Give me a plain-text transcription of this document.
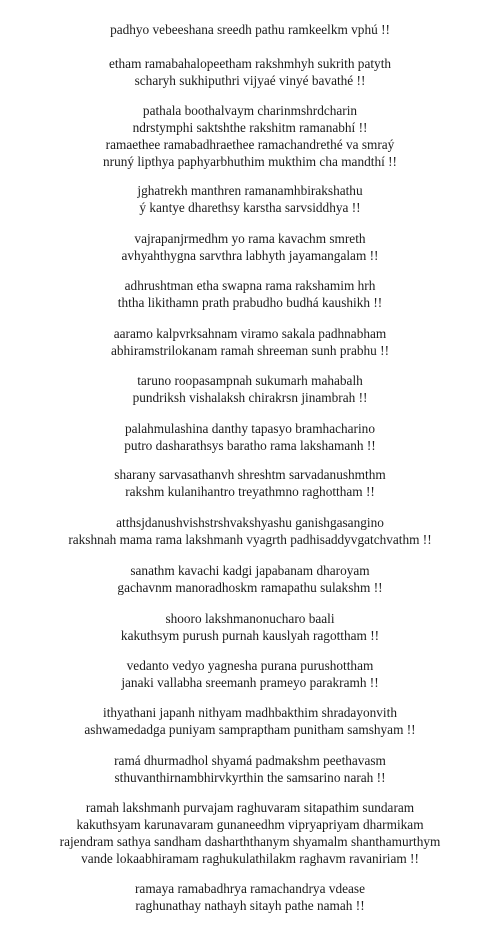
padhyo vebeeshana sreedh pathu ramkeelkm vphú !!
etham ramabahalopeetham rakshmhyh sukrith patyth
scharyh sukhiputhri vijyaé vinyé bavathé !!
pathala boothalvaym charinmshrdcharin
ndrstymphi saktshthe rakshitm ramanabhí !!
ramaethee ramabadhraethee ramachandrethé va smraý
nruný lipthya paphyarbhuthim mukthim cha mandthí !!
jghatrekh manthren ramanamhbirakshathu
ý kantye dharethsy karstha sarvsiddhya !!
vajrapanjrmedhm yo rama kavachm smreth
avhyahthygna sarvthra labhyth jayamangalam !!
adhrushtman etha swapna rama rakshamim hrh
ththa likithamn prath prabudho budhá kaushikh !!
aaramo kalpvrksahnam viramo sakala padhnabham
abhiramstrilokanam ramah shreeman sunh prabhu !!
taruno roopasampnah sukumarh mahabalh
pundriksh vishalaksh chirakrsn jinambrah !!
palahmulashina danthy tapasyo bramhacharino
putro dasharathsys baratho rama lakshamanh !!
sharany sarvasathanvh shreshtm sarvadanushmthm
rakshm kulanihantro treyathmno raghottham !!
atthsjdanushvishstrshvakshyashu ganishgasangino
rakshnah mama rama lakshmanh vyagrth padhisaddyvgatchvathm !!
sanathm kavachi kadgi japabanam dharoyam
gachavnm manoradhoskm ramapathu sulakshm !!
shooro lakshmanonucharo baali
kakuthsym purush purnah kauslyah ragottham !!
vedanto vedyo yagnesha purana purushottham
janaki vallabha sreemanh prameyo parakramh !!
ithyathani japanh nithyam madhbakthim shradayonvith
ashwamedadga puniyam sampraptham punitham samshyam !!
ramá dhurmadhol shyamá padmakshm peethavasm
sthuvanthirnambhirvkyrthin the samsarino narah !!
ramah lakshmanh purvajam raghuvaram sitapathim sundaram
kakuthsyam karunavaram gunaneedhm vipryapriyam dharmikam
rajendram sathya sandham dasharththanym shyamalm shanthamurthym
vande lokaabhiramam raghukulathilakm raghavm ravaniriam !!
ramaya ramabadhrya ramachandrya vdease
raghunathay nathayh sitayh pathe namah !!
